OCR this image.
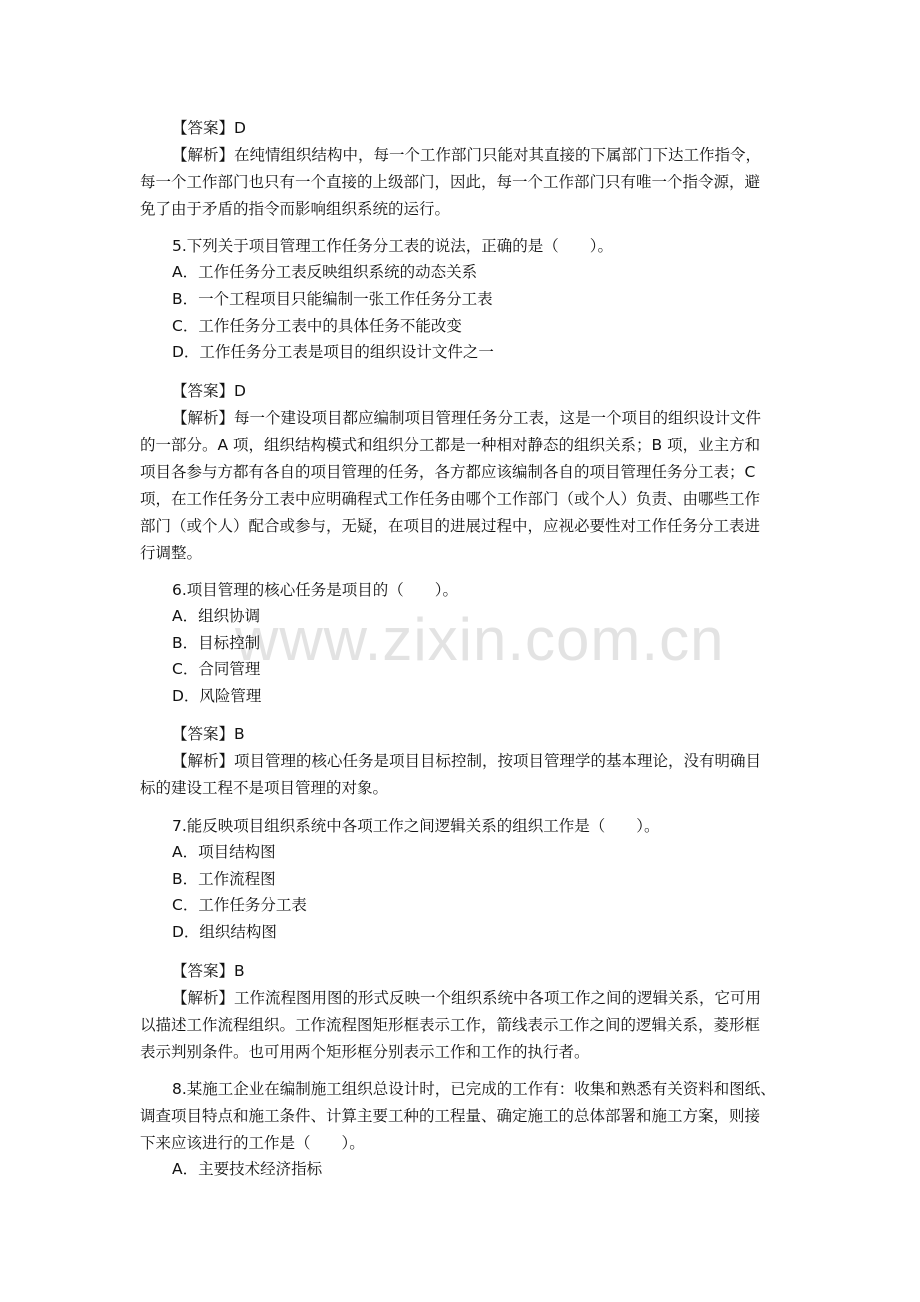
www.zixin.com.cn
【答案】D
【解析】在纯情组织结构中，每一个工作部门只能对其直接的下属部门下达工作指令，
每一个工作部门也只有一个直接的上级部门，因此，每一个工作部门只有唯一个指令源，避
免了由于矛盾的指令而影响组织系统的运行。
5.下列关于项目管理工作任务分工表的说法，正确的是（　　）。
A．工作任务分工表反映组织系统的动态关系
B．一个工程项目只能编制一张工作任务分工表
C．工作任务分工表中的具体任务不能改变
D．工作任务分工表是项目的组织设计文件之一
【答案】D
【解析】每一个建设项目都应编制项目管理任务分工表，这是一个项目的组织设计文件
的一部分。A 项，组织结构模式和组织分工都是一种相对静态的组织关系；B 项，业主方和
项目各参与方都有各自的项目管理的任务，各方都应该编制各自的项目管理任务分工表；C
项，在工作任务分工表中应明确程式工作任务由哪个工作部门（或个人）负责、由哪些工作
部门（或个人）配合或参与，无疑，在项目的进展过程中，应视必要性对工作任务分工表进
行调整。
6.项目管理的核心任务是项目的（　　）。
A．组织协调
B．目标控制
C．合同管理
D．风险管理
【答案】B
【解析】项目管理的核心任务是项目目标控制，按项目管理学的基本理论，没有明确目
标的建设工程不是项目管理的对象。
7.能反映项目组织系统中各项工作之间逻辑关系的组织工作是（　　）。
A．项目结构图
B．工作流程图
C．工作任务分工表
D．组织结构图
【答案】B
【解析】工作流程图用图的形式反映一个组织系统中各项工作之间的逻辑关系，它可用
以描述工作流程组织。工作流程图矩形框表示工作，箭线表示工作之间的逻辑关系，菱形框
表示判别条件。也可用两个矩形框分别表示工作和工作的执行者。
8.某施工企业在编制施工组织总设计时，已完成的工作有：收集和熟悉有关资料和图纸、
调查项目特点和施工条件、计算主要工种的工程量、确定施工的总体部署和施工方案，则接
下来应该进行的工作是（　　）。
A．主要技术经济指标
